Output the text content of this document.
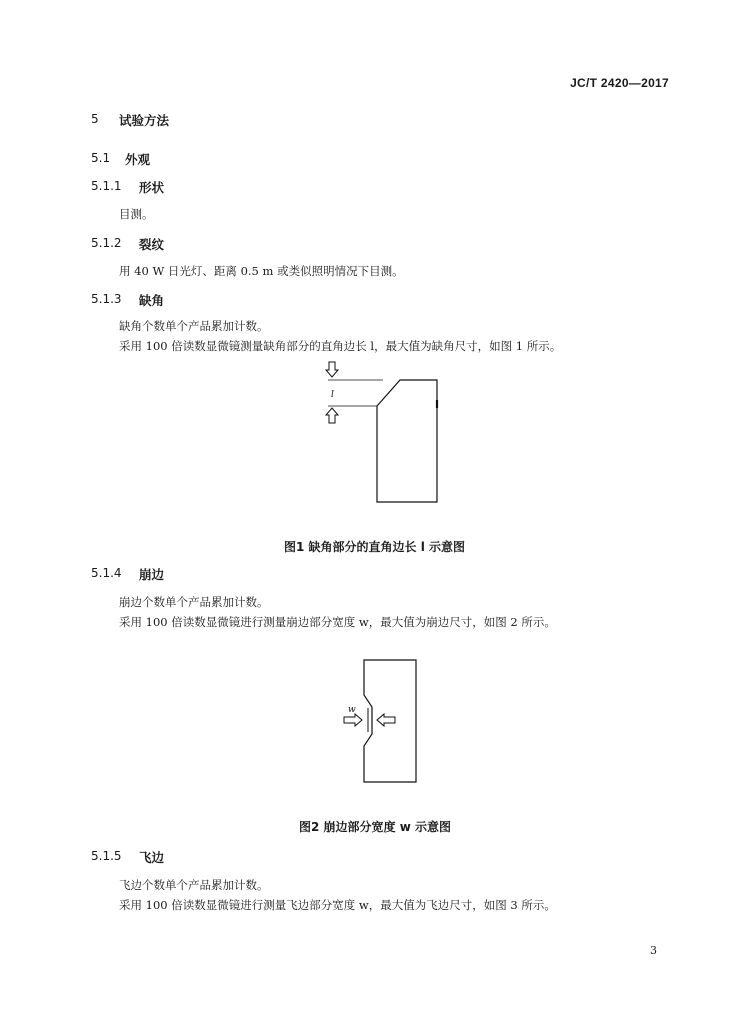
JC/T 2420—2017
5 试验方法
5.1 外观
5.1.1 形状
目测。
5.1.2 裂纹
用 40 W 日光灯、距离 0.5 m 或类似照明情况下目测。
5.1.3 缺角
缺角个数单个产品累加计数。
采用 100 倍读数显微镜测量缺角部分的直角边长 l，最大值为缺角尺寸，如图 1 所示。
l
图1 缺角部分的直角边长 l 示意图
5.1.4 崩边
崩边个数单个产品累加计数。
采用 100 倍读数显微镜进行测量崩边部分宽度 w，最大值为崩边尺寸，如图 2 所示。
w
图2 崩边部分宽度 w 示意图
5.1.5 飞边
飞边个数单个产品累加计数。
采用 100 倍读数显微镜进行测量飞边部分宽度 w，最大值为飞边尺寸，如图 3 所示。
3
